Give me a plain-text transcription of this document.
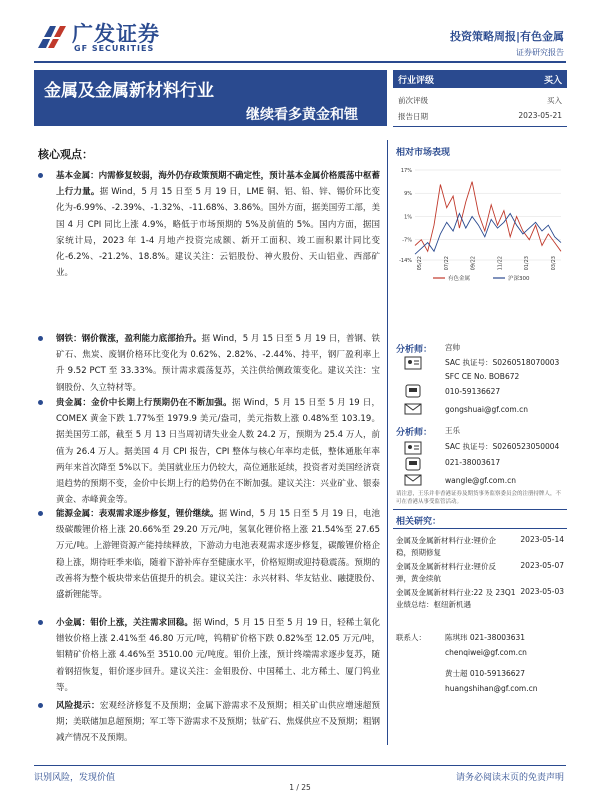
广发证券
GF SECURITIES
投资策略周报|有色金属
证券研究报告
金属及金属新材料行业
继续看多黄金和锂
行业评级	买入
前次评级	买入
报告日期	2023-05-21
相对市场表现
17%
9%
1%
-7%
-14% 05/22	07/22	09/22	11/22	01/23	03/23
有色金属	沪深300
分析师： 宫帅
SAC 执证号：S0260518070003
SFC CE No. BOB672
010-59136627
gongshuai@gf.com.cn
分析师： 王乐
SAC 执证号：S0260523050004
021-38003617
wangle@gf.com.cn
请注意，王乐并非香港证券及期货事务监察委员会的注册持牌人，不可在香港从事受监管活动。
相关研究：
金属及金属新材料行业:锂价企稳，预期修复
2023-05-14
金属及金属新材料行业:锂价反弹，黄金续航
2023-05-07
金属及金属新材料行业:22 及 23Q1 业绩总结：枢纽新机遇
2023-05-03
联系人：	陈琪玮 021-38003631
chenqiwei@gf.com.cn
黄士超 010-59136627
huangshihan@gf.com.cn
核心观点：
基本金属：内需修复较弱，海外仍存政策预期不确定性，预计基本金属价格震荡中枢蓄上行力量。据 Wind，5 月 15 日至 5 月 19 日，LME 铜、铝、铅、锌、锡价环比变化为-6.99%、-2.39%、-1.32%、-11.68%、3.86%。国外方面，据美国劳工部，美国 4 月 CPI 同比上涨 4.9%，略低于市场预期的 5%及前值的 5%。国内方面，据国家统计局，2023 年 1-4 月地产投资完成额、新开工面积、竣工面积累计同比变化-6.2%、-21.2%、18.8%。建议关注：云铝股份、神火股份、天山铝业、西部矿业。
钢铁：钢价微涨，盈利能力底部抬升。据 Wind，5 月 15 日至 5 月 19 日，普钢、铁矿石、焦炭、废钢价格环比变化为 0.62%、2.82%、-2.44%、持平，钢厂盈利率上升 9.52 PCT 至 33.33%。预计需求震荡复苏，关注供给侧政策变化。建议关注：宝钢股份、久立特材等。
贵金属：金价中长期上行预期仍在不断加强。据 Wind，5 月 15 日至 5 月 19 日，COMEX 黄金下跌 1.77%至 1979.9 美元/盎司，美元指数上涨 0.48%至 103.19。据美国劳工部，截至 5 月 13 日当周初请失业金人数 24.2 万，预期为 25.4 万人，前值为 26.4 万人。据美国 4 月 CPI 报告，CPI 整体与核心年率均走低，整体通胀年率两年来首次降至 5%以下。美国就业压力仍较大，高位通胀延续，投资者对美国经济衰退趋势的预期不变，金价中长期上行的趋势仍在不断加强。建议关注：兴业矿业、银泰黄金、赤峰黄金等。
能源金属：表观需求逐步修复，锂价继续。据 Wind，5 月 15 日至 5 月 19 日，电池级碳酸锂价格上涨 20.66%至 29.20 万元/吨，氢氧化锂价格上涨 21.54%至 27.65 万元/吨。上游锂资源产能持续释放，下游动力电池表观需求逐步修复，碳酸锂价格企稳上涨，期待旺季来临，随着下游补库存至健康水平，价格短期或迎持稳震荡。预期的改善将为整个板块带来估值提升的机会。建议关注：永兴材料、华友钴业、融捷股份、盛新锂能等。
小金属：钼价上涨，关注需求回稳。据 Wind，5 月 15 日至 5 月 19 日，轻稀土氧化镨钕价格上涨 2.41%至 46.80 万元/吨，钨精矿价格下跌 0.82%至 12.05 万元/吨，钼精矿价格上涨 4.46%至 3510.00 元/吨度。钼价上涨，预计终端需求逐步复苏，随着钢招恢复，钼价逐步回升。建议关注：金钼股份、中国稀土、北方稀土、厦门钨业等。
风险提示：宏观经济修复不及预期；金属下游需求不及预期；相关矿山供应增速超预期；美联储加息超预期；军工等下游需求不及预期；钛矿石、焦煤供应不及预期；粗钢减产情况不及预期。
识别风险，发现价值	请务必阅读末页的免责声明
1 / 25
